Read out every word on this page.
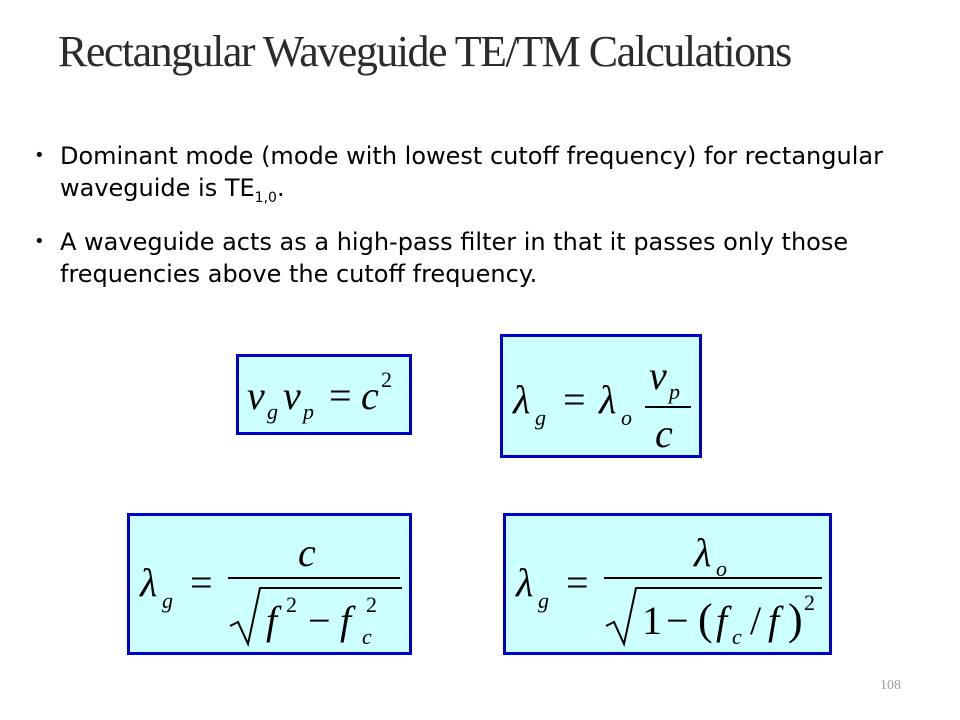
Rectangular Waveguide TE/TM Calculations
• Dominant mode (mode with lowest cutoff frequency) for rectangular waveguide is $TE_{1,0}$.
• A waveguide acts as a high-pass filter in that it passes only those frequencies above the cutoff frequency.
v g v p = c 2	λ g = λ o
v p
c
λ g =
c
f 2 − f 2
c
λ g =
λ o
1 − ( f c / f ) 2
108
